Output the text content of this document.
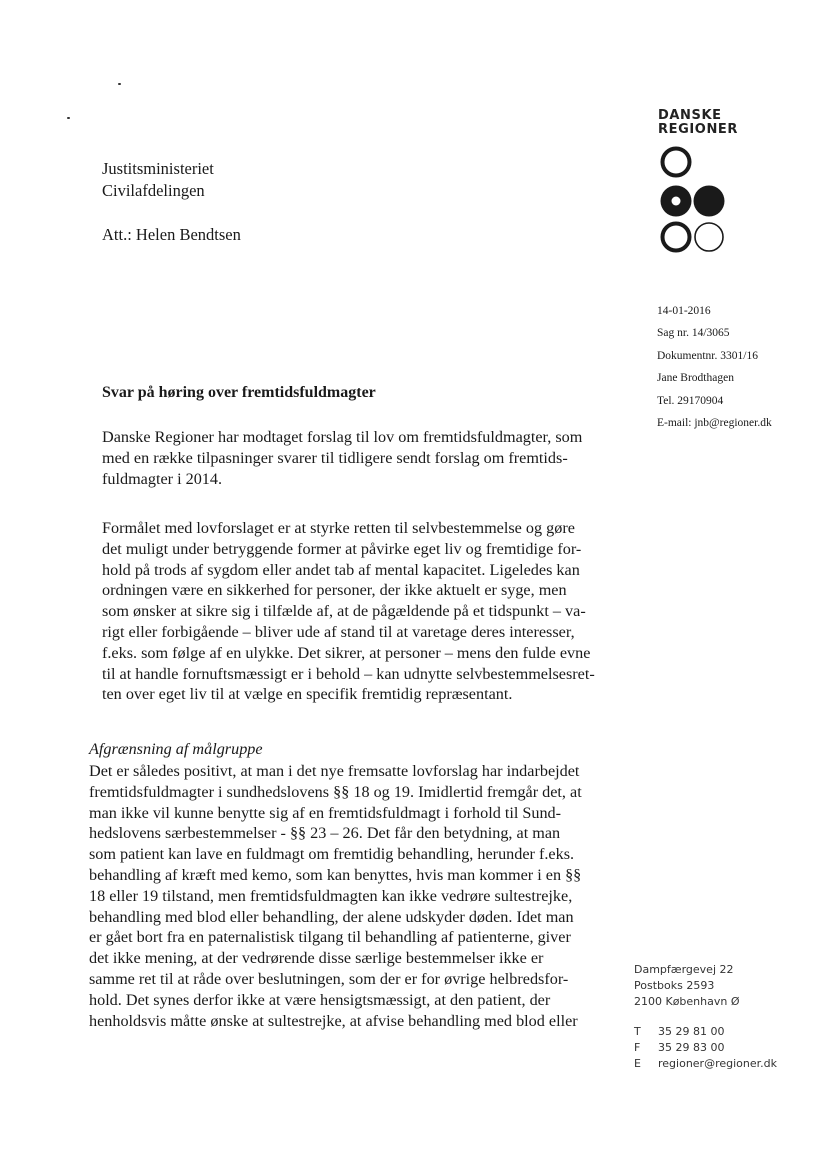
Justitsministeriet
Civilafdelingen
Att.: Helen Bendtsen
DANSKE
REGIONER
14-01-2016
Sag nr. 14/3065
Dokumentnr. 3301/16
Jane Brodthagen
Tel. 29170904
E-mail: jnb@regioner.dk
Svar på høring over fremtidsfuldmagter
Danske Regioner har modtaget forslag til lov om fremtidsfuldmagter, som
med en række tilpasninger svarer til tidligere sendt forslag om fremtids-
fuldmagter i 2014.
Formålet med lovforslaget er at styrke retten til selvbestemmelse og gøre
det muligt under betryggende former at påvirke eget liv og fremtidige for-
hold på trods af sygdom eller andet tab af mental kapacitet. Ligeledes kan
ordningen være en sikkerhed for personer, der ikke aktuelt er syge, men
som ønsker at sikre sig i tilfælde af, at de pågældende på et tidspunkt – va-
rigt eller forbigående – bliver ude af stand til at varetage deres interesser,
f.eks. som følge af en ulykke. Det sikrer, at personer – mens den fulde evne
til at handle fornuftsmæssigt er i behold – kan udnytte selvbestemmelsesret-
ten over eget liv til at vælge en specifik fremtidig repræsentant.
Afgrænsning af målgruppe
Det er således positivt, at man i det nye fremsatte lovforslag har indarbejdet
fremtidsfuldmagter i sundhedslovens §§ 18 og 19. Imidlertid fremgår det, at
man ikke vil kunne benytte sig af en fremtidsfuldmagt i forhold til Sund-
hedslovens særbestemmelser - §§ 23 – 26. Det får den betydning, at man
som patient kan lave en fuldmagt om fremtidig behandling, herunder f.eks.
behandling af kræft med kemo, som kan benyttes, hvis man kommer i en §§
18 eller 19 tilstand, men fremtidsfuldmagten kan ikke vedrøre sultestrejke,
behandling med blod eller behandling, der alene udskyder døden. Idet man
er gået bort fra en paternalistisk tilgang til behandling af patienterne, giver
det ikke mening, at der vedrørende disse særlige bestemmelser ikke er
samme ret til at råde over beslutningen, som der er for øvrige helbredsfor-
hold. Det synes derfor ikke at være hensigtsmæssigt, at den patient, der
henholdsvis måtte ønske at sultestrejke, at afvise behandling med blod eller
Dampfærgevej 22
Postboks 2593
2100 København Ø
T 35 29 81 00
F 35 29 83 00
E regioner@regioner.dk
